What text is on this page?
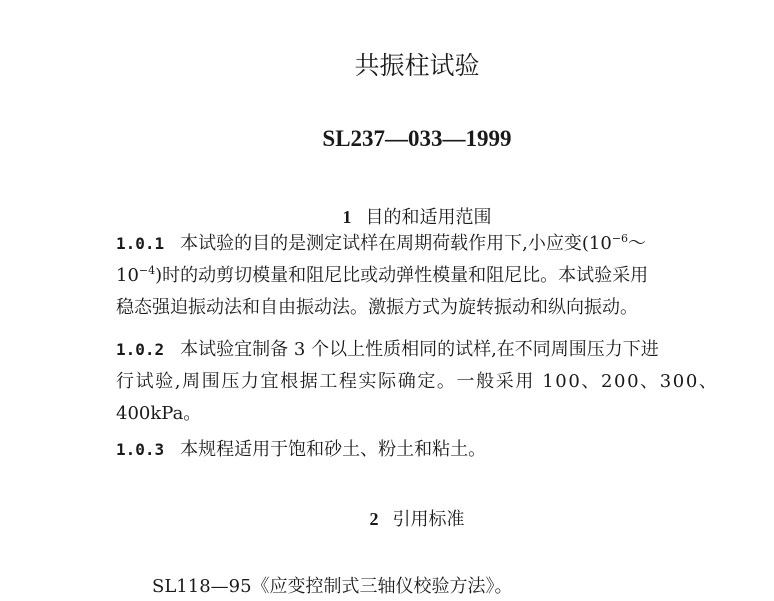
共振柱试验
SL237—033—1999
1 目的和适用范围
1.0.1 本试验的目的是测定试样在周期荷载作用下,小应变($10^{-6}\sim$
$10^{-4}$)时的动剪切模量和阻尼比或动弹性模量和阻尼比。本试验采用
稳态强迫振动法和自由振动法。激振方式为旋转振动和纵向振动。
1.0.2 本试验宜制备 3 个以上性质相同的试样,在不同周围压力下进
行试验,周围压力宜根据工程实际确定。一般采用 100、200、300、
400kPa。
1.0.3 本规程适用于饱和砂土、粉土和粘土。
2 引用标准
SL118—95《应变控制式三轴仪校验方法》。
